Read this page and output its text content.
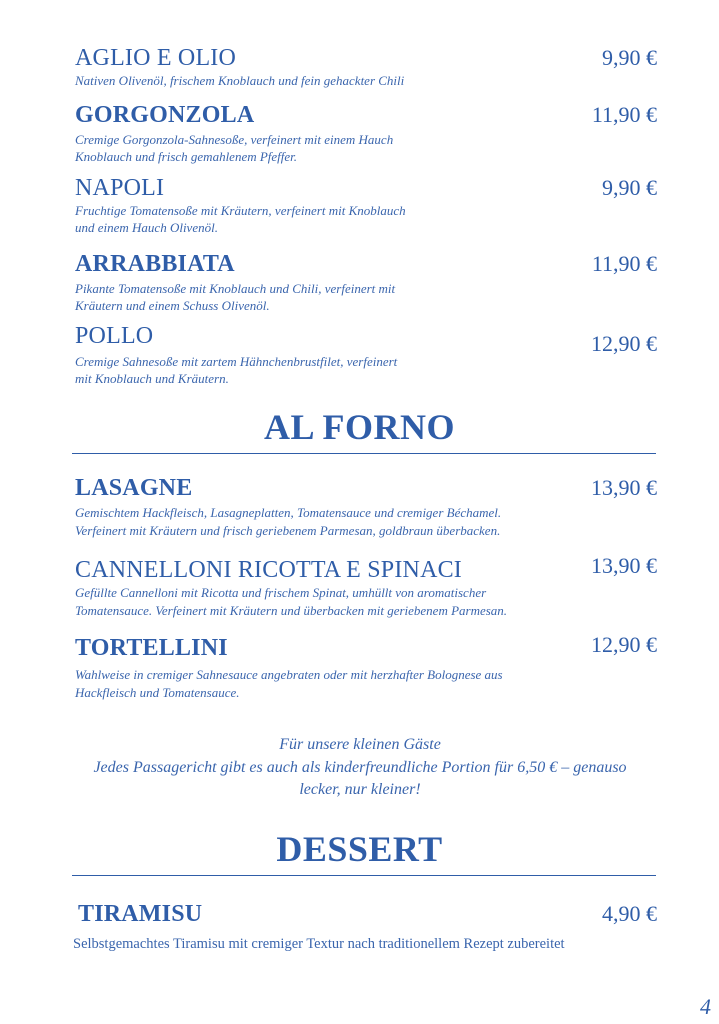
AGLIO E OLIO	9,90 €
Nativen Olivenöl, frischem Knoblauch und fein gehackter Chili
GORGONZOLA	11,90 €
Cremige Gorgonzola-Sahnesoße, verfeinert mit einem Hauch
Knoblauch und frisch gemahlenem Pfeffer.
NAPOLI	9,90 €
Fruchtige Tomatensoße mit Kräutern, verfeinert mit Knoblauch
und einem Hauch Olivenöl.
ARRABBIATA	11,90 €
Pikante Tomatensoße mit Knoblauch und Chili, verfeinert mit
Kräutern und einem Schuss Olivenöl.
POLLO	12,90 €
Cremige Sahnesoße mit zartem Hähnchenbrustfilet, verfeinert
mit Knoblauch und Kräutern.
AL FORNO
LASAGNE	13,90 €
Gemischtem Hackfleisch, Lasagneplatten, Tomatensauce und cremiger Béchamel.
Verfeinert mit Kräutern und frisch geriebenem Parmesan, goldbraun überbacken.
CANNELLONI RICOTTA E SPINACI	13,90 €
Gefüllte Cannelloni mit Ricotta und frischem Spinat, umhüllt von aromatischer
Tomatensauce. Verfeinert mit Kräutern und überbacken mit geriebenem Parmesan.
TORTELLINI	12,90 €
Wahlweise in cremiger Sahnesauce angebraten oder mit herzhafter Bolognese aus
Hackfleisch und Tomatensauce.
Für unsere kleinen Gäste
Jedes Passagericht gibt es auch als kinderfreundliche Portion für 6,50 € – genauso
lecker, nur kleiner!
DESSERT
TIRAMISU	4,90 €
Selbstgemachtes Tiramisu mit cremiger Textur nach traditionellem Rezept zubereitet
4
